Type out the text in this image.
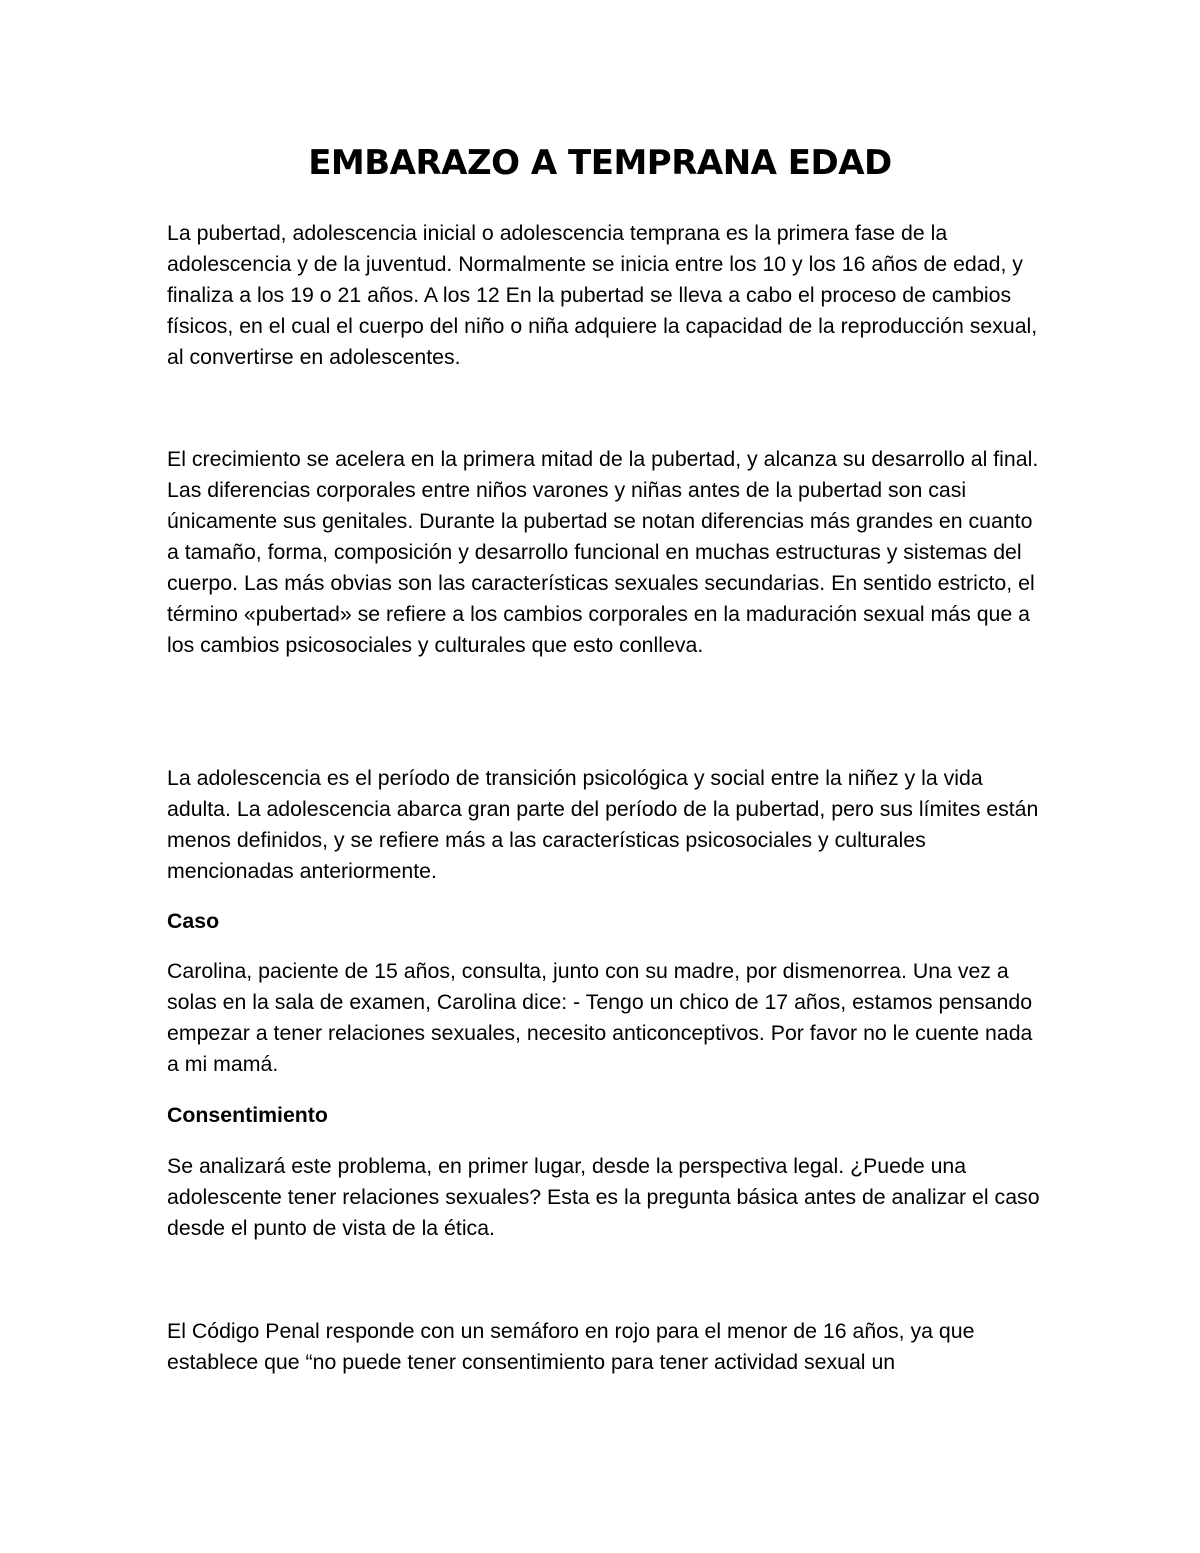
EMBARAZO A TEMPRANA EDAD

La pubertad, adolescencia inicial o adolescencia temprana es la primera fase de la adolescencia y de la juventud. Normalmente se inicia entre los 10 y los 16 años de edad, y finaliza a los 19 o 21 años. A los 12 En la pubertad se lleva a cabo el proceso de cambios físicos, en el cual el cuerpo del niño o niña adquiere la capacidad de la reproducción sexual, al convertirse en adolescentes.

El crecimiento se acelera en la primera mitad de la pubertad, y alcanza su desarrollo al final. Las diferencias corporales entre niños varones y niñas antes de la pubertad son casi únicamente sus genitales. Durante la pubertad se notan diferencias más grandes en cuanto a tamaño, forma, composición y desarrollo funcional en muchas estructuras y sistemas del cuerpo. Las más obvias son las características sexuales secundarias. En sentido estricto, el término «pubertad» se refiere a los cambios corporales en la maduración sexual más que a los cambios psicosociales y culturales que esto conlleva.

La adolescencia es el período de transición psicológica y social entre la niñez y la vida adulta. La adolescencia abarca gran parte del período de la pubertad, pero sus límites están menos definidos, y se refiere más a las características psicosociales y culturales mencionadas anteriormente.

Caso

Carolina, paciente de 15 años, consulta, junto con su madre, por dismenorrea. Una vez a solas en la sala de examen, Carolina dice: - Tengo un chico de 17 años, estamos pensando empezar a tener relaciones sexuales, necesito anticonceptivos. Por favor no le cuente nada a mi mamá.

Consentimiento

Se analizará este problema, en primer lugar, desde la perspectiva legal. ¿Puede una adolescente tener relaciones sexuales? Esta es la pregunta básica antes de analizar el caso desde el punto de vista de la ética.

El Código Penal responde con un semáforo en rojo para el menor de 16 años, ya que establece que “no puede tener consentimiento para tener actividad sexual un
